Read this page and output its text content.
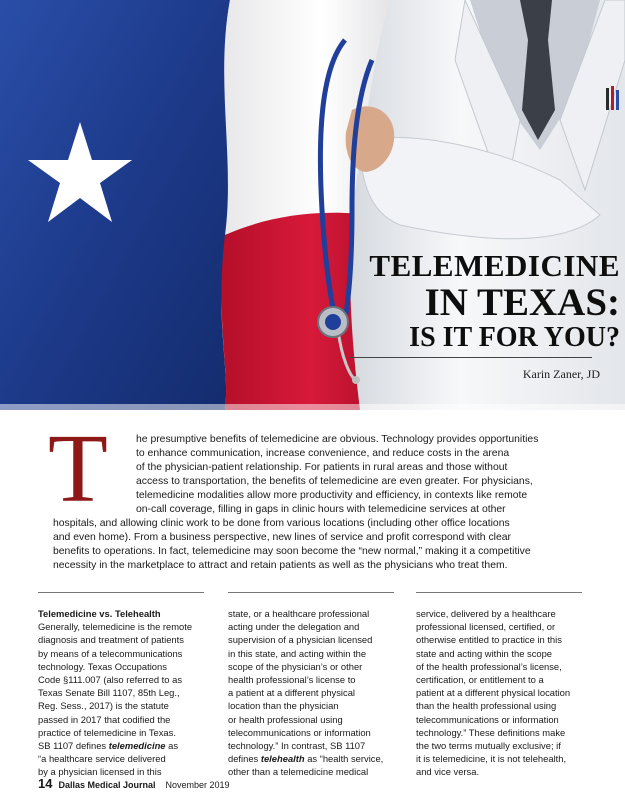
TELEMEDICINE
IN TEXAS:
IS IT FOR YOU?
Karin Zaner, JD
T	he presumptive benefits of telemedicine are obvious. Technology provides opportunities
to enhance communication, increase convenience, and reduce costs in the arena
of the physician-patient relationship. For patients in rural areas and those without
access to transportation, the benefits of telemedicine are even greater. For physicians,
telemedicine modalities allow more productivity and efficiency, in contexts like remote
on-call coverage, filling in gaps in clinic hours with telemedicine services at other
hospitals, and allowing clinic work to be done from various locations (including other office locations
and even home). From a business perspective, new lines of service and profit correspond with clear
benefits to operations. In fact, telemedicine may soon become the “new normal,” making it a competitive
necessity in the marketplace to attract and retain patients as well as the physicians who treat them.
Telemedicine vs. Telehealth
Generally, telemedicine is the remote
diagnosis and treatment of patients
by means of a telecommunications
technology. Texas Occupations
Code §111.007 (also referred to as
Texas Senate Bill 1107, 85th Leg.,
Reg. Sess., 2017) is the statute
passed in 2017 that codified the
practice of telemedicine in Texas.
SB 1107 defines telemedicine as
“a healthcare service delivered
by a physician licensed in this
state, or a healthcare professional
acting under the delegation and
supervision of a physician licensed
in this state, and acting within the
scope of the physician’s or other
health professional’s license to
a patient at a different physical
location than the physician
or health professional using
telecommunications or information
technology.” In contrast, SB 1107
defines telehealth as “health service,
other than a telemedicine medical
service, delivered by a healthcare
professional licensed, certified, or
otherwise entitled to practice in this
state and acting within the scope
of the health professional’s license,
certification, or entitlement to a
patient at a different physical location
than the health professional using
telecommunications or information
technology.” These definitions make
the two terms mutually exclusive; if
it is telemedicine, it is not telehealth,
and vice versa.
14 Dallas Medical Journal November 2019
